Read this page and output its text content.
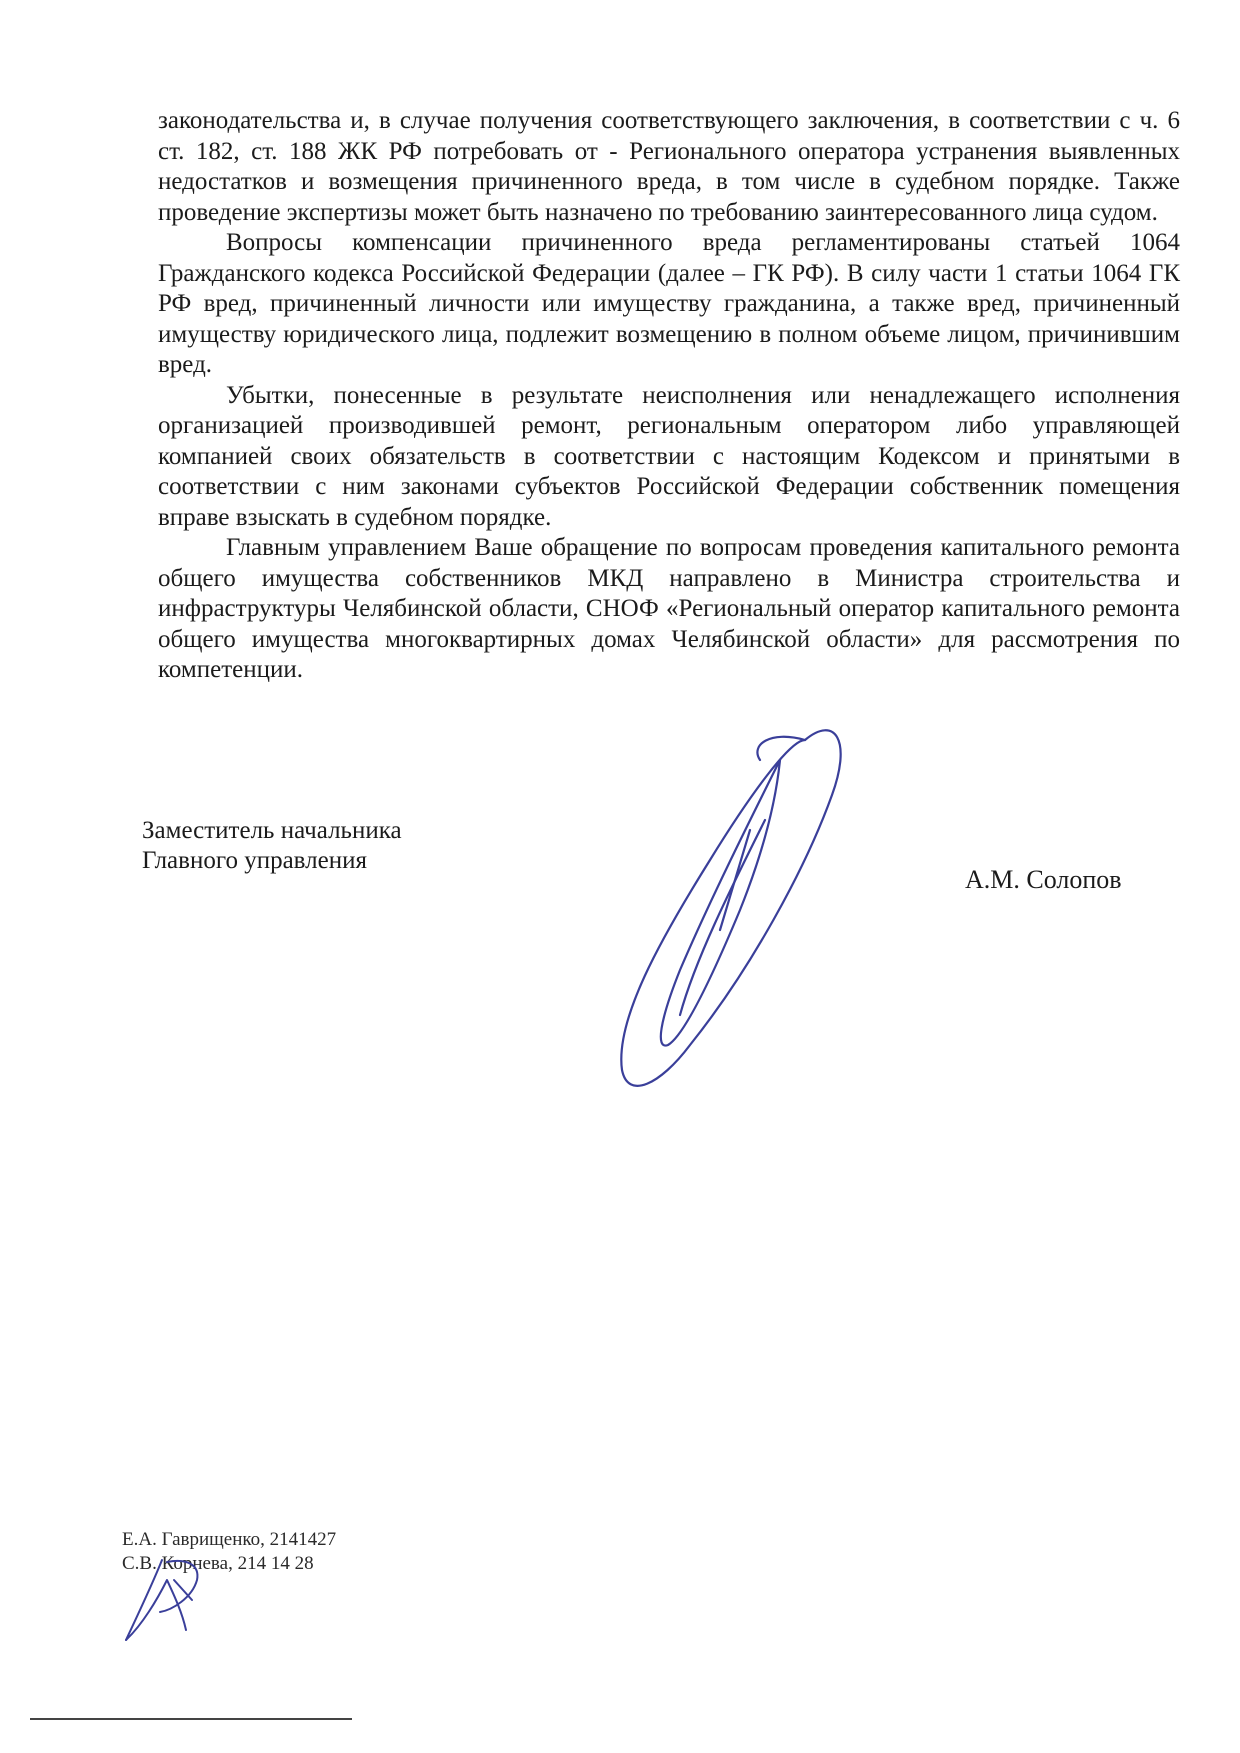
законодательства и, в случае получения соответствующего заключения, в соответствии с ч. 6 ст. 182, ст. 188 ЖК РФ потребовать от - Регионального оператора устранения выявленных недостатков и возмещения причиненного вреда, в том числе в судебном порядке. Также проведение экспертизы может быть назначено по требованию заинтересованного лица судом.

Вопросы компенсации причиненного вреда регламентированы статьей 1064 Гражданского кодекса Российской Федерации (далее – ГК РФ). В силу части 1 статьи 1064 ГК РФ вред, причиненный личности или имуществу гражданина, а также вред, причиненный имуществу юридического лица, подлежит возмещению в полном объеме лицом, причинившим вред.

Убытки, понесенные в результате неисполнения или ненадлежащего исполнения организацией производившей ремонт, региональным оператором либо управляющей компанией своих обязательств в соответствии с настоящим Кодексом и принятыми в соответствии с ним законами субъектов Российской Федерации собственник помещения вправе взыскать в судебном порядке.

Главным управлением Ваше обращение по вопросам проведения капитального ремонта общего имущества собственников МКД направлено в Министра строительства и инфраструктуры Челябинской области, СНОФ «Региональный оператор капитального ремонта общего имущества многоквартирных домах Челябинской области» для рассмотрения по компетенции.

Заместитель начальника
Главного управления
А.М. Солопов
Е.А. Гаврищенко, 2141427
С.В. Корнева, 214 14 28
